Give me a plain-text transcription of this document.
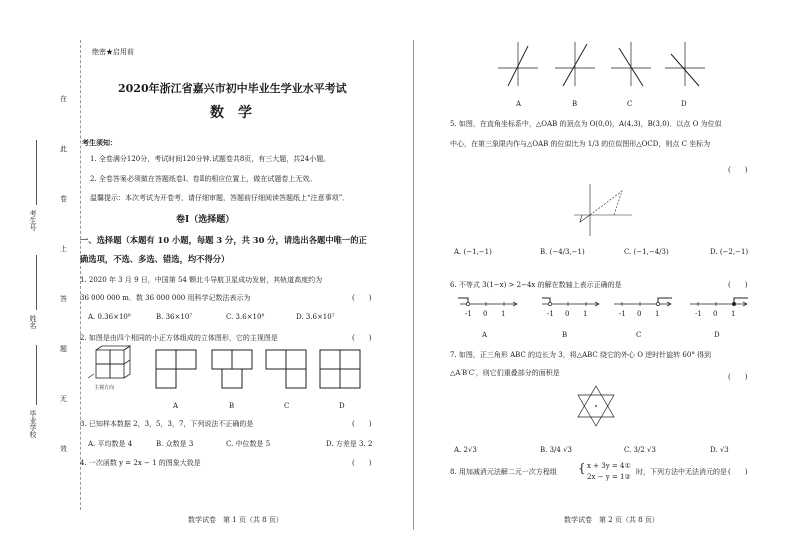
在
此
卷
上
答
题
无
效
考生号
姓名
毕业学校
绝密★启用前
2020年浙江省嘉兴市初中毕业生学业水平考试
数　学
考生须知：
1. 全卷满分120分，考试时间120分钟.试题卷共8页，有三大题，共24小题。
2. 全卷答案必须做在答题纸卷Ⅰ、卷Ⅱ的相应位置上，做在试题卷上无效。
温馨提示：本次考试为开卷考，请仔细审题，答题前仔细阅读答题纸上“注意事项”．
卷Ⅰ（选择题）
一、选择题（本题有 10 小题，每题 3 分，共 30 分，请选出各题中唯一的正
确选项，不选、多选、错选，均不得分）
1. 2020 年 3 月 9 日，中国第 54 颗北斗导航卫星成功发射，其轨道高度约为
36 000 000 m．数 36 000 000 用科学记数法表示为	(　　)
A. 0.36×10⁸	B. 36×10⁷	C. 3.6×10⁸	D. 3.6×10⁷
2. 如图是由四个相同的小正方体组成的立体图形，它的主视图是	(　　)
主视方向
A	B	C	D
3. 已知样本数据 2，3，5，3，7，下列说法不正确的是	(　　)
A. 平均数是 4	B. 众数是 3	C. 中位数是 5	D. 方差是 3. 2
4. 一次函数 y = 2x − 1 的图象大致是	(　　)
数学试卷　第 1 页（共 8 页）
A	B	C	D
5. 如图，在直角坐标系中，△OAB 的顶点为 O(0,0)，A(4,3)，B(3,0)．以点 O 为位似
中心，在第三象限内作与△OAB 的位似比为 1/3 的位似图形△OCD，则点 C 坐标为
(　　)
A. (−1,−1)	B. (−4/3,−1)	C. (−1,−4/3)	D. (−2,−1)
6. 不等式 3(1−x) > 2−4x 的解在数轴上表示正确的是	(　　)
-1 0 1	-1 0 1	-1 0 1	-1 0 1
A	B	C	D
7. 如图，正三角形 ABC 的边长为 3，将△ABC 绕它的外心 O 逆时针旋转 60° 得到
△A′B′C′，则它们重叠部分的面积是	(　　)
A. 2√3	B. 3/4 √3	C. 3/2 √3	D. √3
8. 用加减消元法解二元一次方程组 { x + 3y = 4①
2x − y = 1②
时，下列方法中无法消元的是 (　　)
数学试卷　第 2 页（共 8 页）
